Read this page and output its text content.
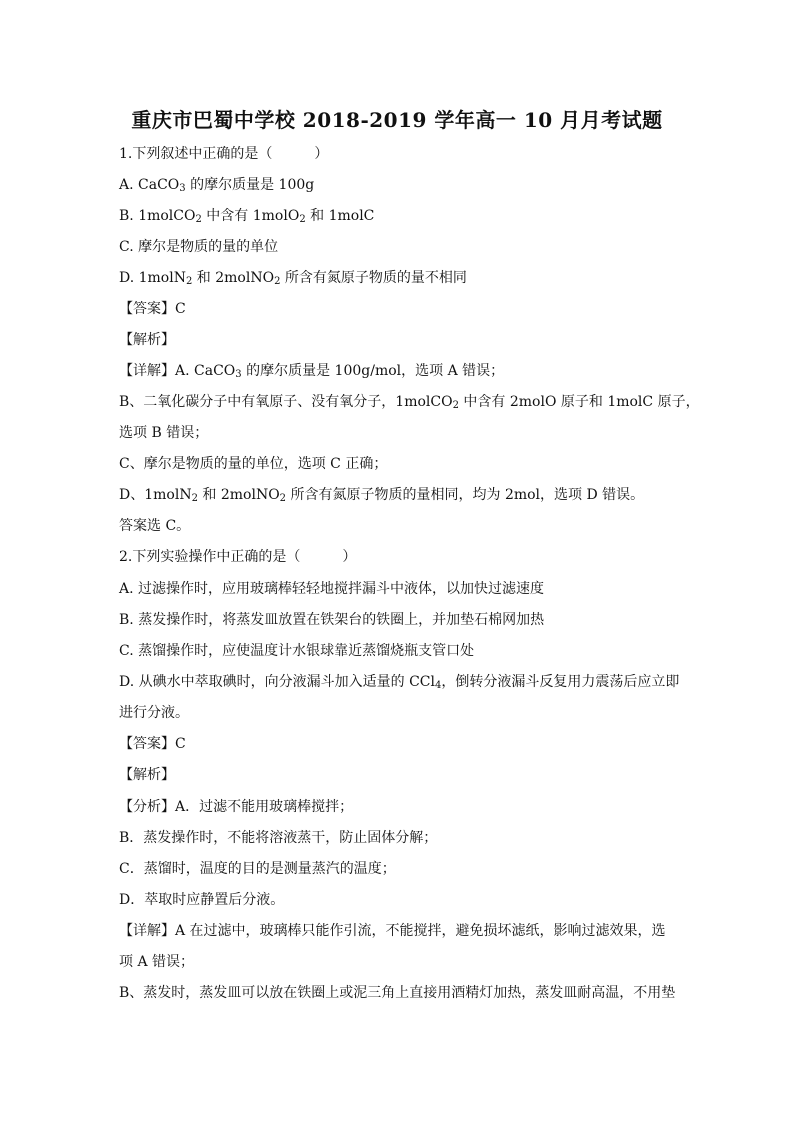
重庆市巴蜀中学校 2018-2019 学年高一 10 月月考试题
1.下列叙述中正确的是（　　　）
A. CaCO$_3$ 的摩尔质量是 100g
B. 1molCO$_2$ 中含有 1molO$_2$ 和 1molC
C. 摩尔是物质的量的单位
D. 1molN$_2$ 和 2molNO$_2$ 所含有氮原子物质的量不相同
【答案】C
【解析】
【详解】A. CaCO$_3$ 的摩尔质量是 100g/mol，选项 A 错误；
B、二氧化碳分子中有氧原子、没有氧分子，1molCO$_2$ 中含有 2molO 原子和 1molC 原子，
选项 B 错误；
C、摩尔是物质的量的单位，选项 C 正确；
D、1molN$_2$ 和 2molNO$_2$ 所含有氮原子物质的量相同，均为 2mol，选项 D 错误。
答案选 C。
2.下列实验操作中正确的是（　　　）
A. 过滤操作时，应用玻璃棒轻轻地搅拌漏斗中液体，以加快过滤速度
B. 蒸发操作时，将蒸发皿放置在铁架台的铁圈上，并加垫石棉网加热
C. 蒸馏操作时，应使温度计水银球靠近蒸馏烧瓶支管口处
D. 从碘水中萃取碘时，向分液漏斗加入适量的 CCl$_4$，倒转分液漏斗反复用力震荡后应立即
进行分液。
【答案】C
【解析】
【分析】A．过滤不能用玻璃棒搅拌；
B．蒸发操作时，不能将溶液蒸干，防止固体分解；
C．蒸馏时，温度的目的是测量蒸汽的温度；
D．萃取时应静置后分液。
【详解】A 在过滤中，玻璃棒只能作引流，不能搅拌，避免损坏滤纸，影响过滤效果，选
项 A 错误；
B、蒸发时，蒸发皿可以放在铁圈上或泥三角上直接用酒精灯加热，蒸发皿耐高温，不用垫
